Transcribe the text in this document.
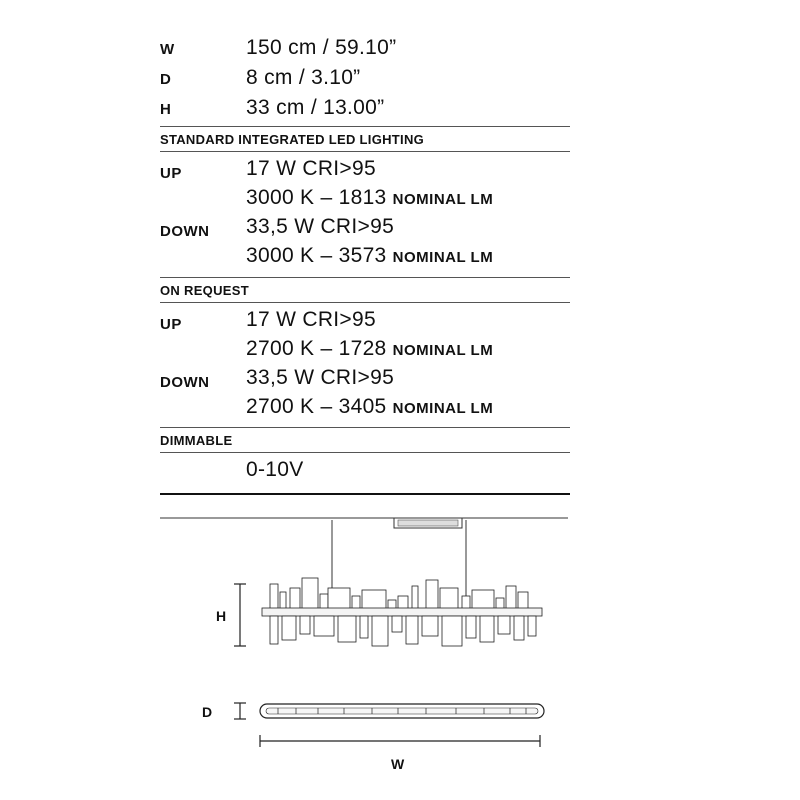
W	150 cm / 59.10”
D	8 cm / 3.10”
H	33 cm / 13.00”
STANDARD INTEGRATED LED LIGHTING
UP	17 W CRI>95
3000 K – 1813 NOMINAL LM
DOWN 33,5 W CRI>95
3000 K – 3573 NOMINAL LM
ON REQUEST
UP	17 W CRI>95
2700 K – 1728 NOMINAL LM
DOWN 33,5 W CRI>95
2700 K – 3405 NOMINAL LM
DIMMABLE
0-10V
H
D
W
